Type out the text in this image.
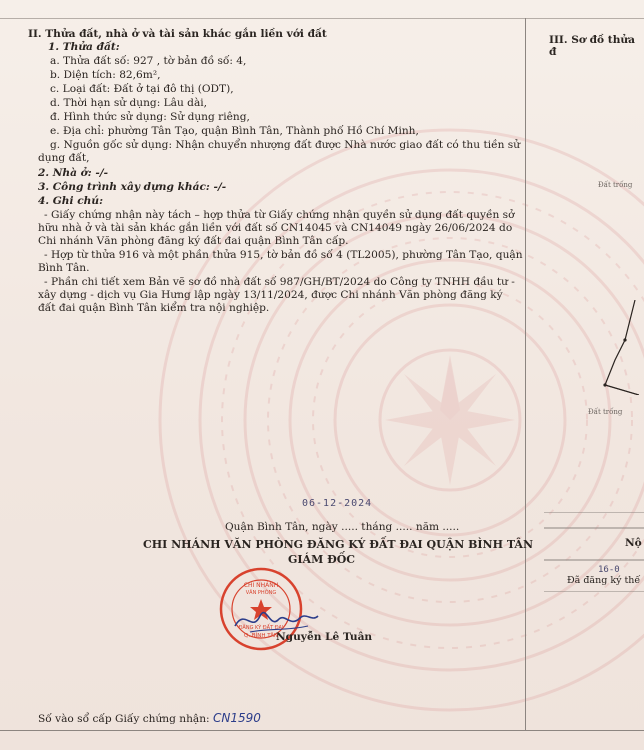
II. Thửa đất, nhà ở và tài sản khác gắn liền với đất
1. Thửa đất:
a. Thửa đất số: 927 , tờ bản đồ số: 4,
b. Diện tích: 82,6m²,
c. Loại đất: Đất ở tại đô thị (ODT),
d. Thời hạn sử dụng: Lâu dài,
đ. Hình thức sử dụng: Sử dụng riêng,
e. Địa chỉ: phường Tân Tạo, quận Bình Tân, Thành phố Hồ Chí Minh,
g. Nguồn gốc sử dụng: Nhận chuyển nhượng đất được Nhà nước giao đất có thu tiền sử
dụng đất,
2. Nhà ở: -/-
3. Công trình xây dựng khác: -/-
4. Ghi chú:
- Giấy chứng nhận này tách – hợp thửa từ Giấy chứng nhận quyền sử dụng đất quyền sở
hữu nhà ở và tài sản khác gắn liền với đất số CN14045 và CN14049 ngày 26/06/2024 do
Chi nhánh Văn phòng đăng ký đất đai quận Bình Tân cấp.
- Hợp từ thửa 916 và một phần thửa 915, tờ bản đồ số 4 (TL2005), phường Tân Tạo, quận
Bình Tân.
- Phần chi tiết xem Bản vẽ sơ đồ nhà đất số 987/GH/BT/2024 do Công ty TNHH đầu tư -
xây dựng - dịch vụ Gia Hưng lập ngày 13/11/2024, được Chi nhánh Văn phòng đăng ký
đất đai quận Bình Tân kiểm tra nội nghiệp.
III. Sơ đồ thửa đ
Đất trống
Đất trống
Nộ
16-0
Đã đăng ký thế
06-12-2024
Quận Bình Tân, ngày ..... tháng ..... năm .....
CHI NHÁNH VĂN PHÒNG ĐĂNG KÝ ĐẤT ĐAI QUẬN BÌNH TÂN
GIÁM ĐỐC
CHI NHÁNH
VĂN PHÒNG
ĐĂNG KÝ ĐẤT ĐAI
Q. BÌNH TÂN
Nguyễn Lê Tuân
Số vào sổ cấp Giấy chứng nhận: CN1590
